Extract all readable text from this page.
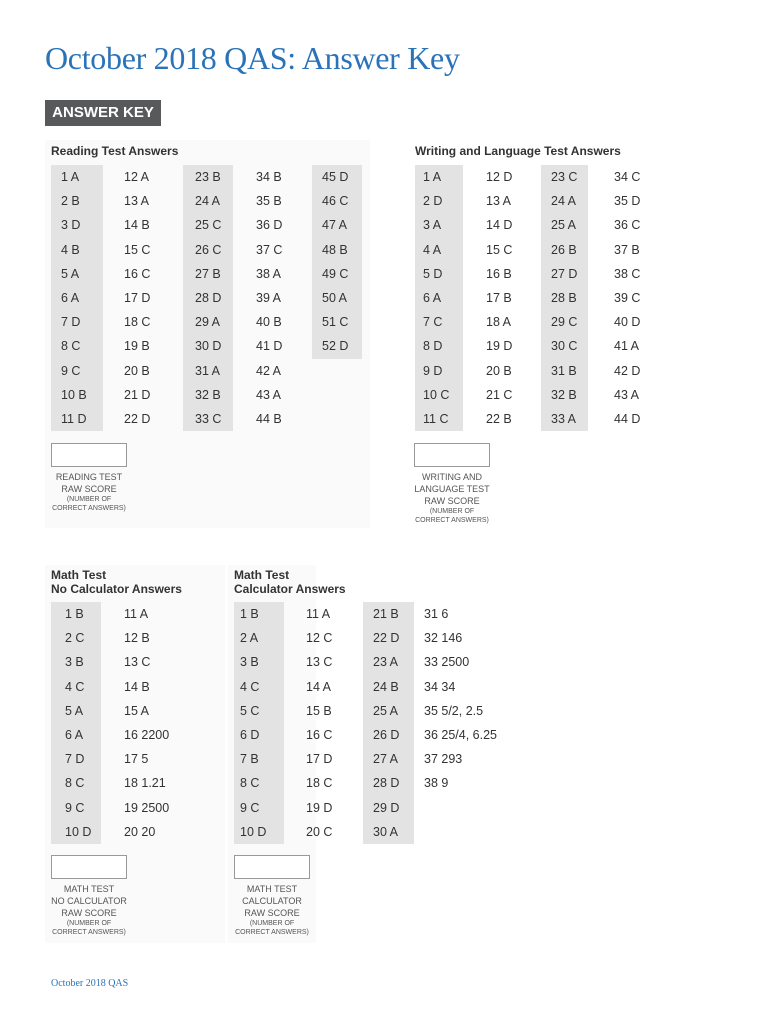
October 2018 QAS: Answer Key
ANSWER KEY
Reading Test Answers
1 A
2 B
3 D
4 B
5 A
6 A
7 D
8 C
9 C
10 B
11 D
12 A
13 A
14 B
15 C
16 C
17 D
18 C
19 B
20 B
21 D
22 D
23 B
24 A
25 C
26 C
27 B
28 D
29 A
30 D
31 A
32 B
33 C
34 B
35 B
36 D
37 C
38 A
39 A
40 B
41 D
42 A
43 A
44 B
45 D
46 C
47 A
48 B
49 C
50 A
51 C
52 D
READING TEST
RAW SCORE
(NUMBER OF
CORRECT ANSWERS)
Writing and Language Test Answers
1 A
2 D
3 A
4 A
5 D
6 A
7 C
8 D
9 D
10 C
11 C
12 D
13 A
14 D
15 C
16 B
17 B
18 A
19 D
20 B
21 C
22 B
23 C
24 A
25 A
26 B
27 D
28 B
29 C
30 C
31 B
32 B
33 A
34 C
35 D
36 C
37 B
38 C
39 C
40 D
41 A
42 D
43 A
44 D
WRITING AND
LANGUAGE TEST
RAW SCORE
(NUMBER OF
CORRECT ANSWERS)
Math Test
No Calculator Answers
1 B
2 C
3 B
4 C
5 A
6 A
7 D
8 C
9 C
10 D
11 A
12 B
13 C
14 B
15 A
16 2200
17 5
18 1.21
19 2500
20 20
MATH TEST
NO CALCULATOR
RAW SCORE
(NUMBER OF
CORRECT ANSWERS)
Math Test
Calculator Answers
1 B
2 A
3 B
4 C
5 C
6 D
7 B
8 C
9 C
10 D
11 A
12 C
13 C
14 A
15 B
16 C
17 D
18 C
19 D
20 C
21 B
22 D
23 A
24 B
25 A
26 D
27 A
28 D
29 D
30 A
31 6
32 146
33 2500
34 34
35 5/2, 2.5
36 25/4, 6.25
37 293
38 9
MATH TEST
CALCULATOR
RAW SCORE
(NUMBER OF
CORRECT ANSWERS)
October 2018 QAS
